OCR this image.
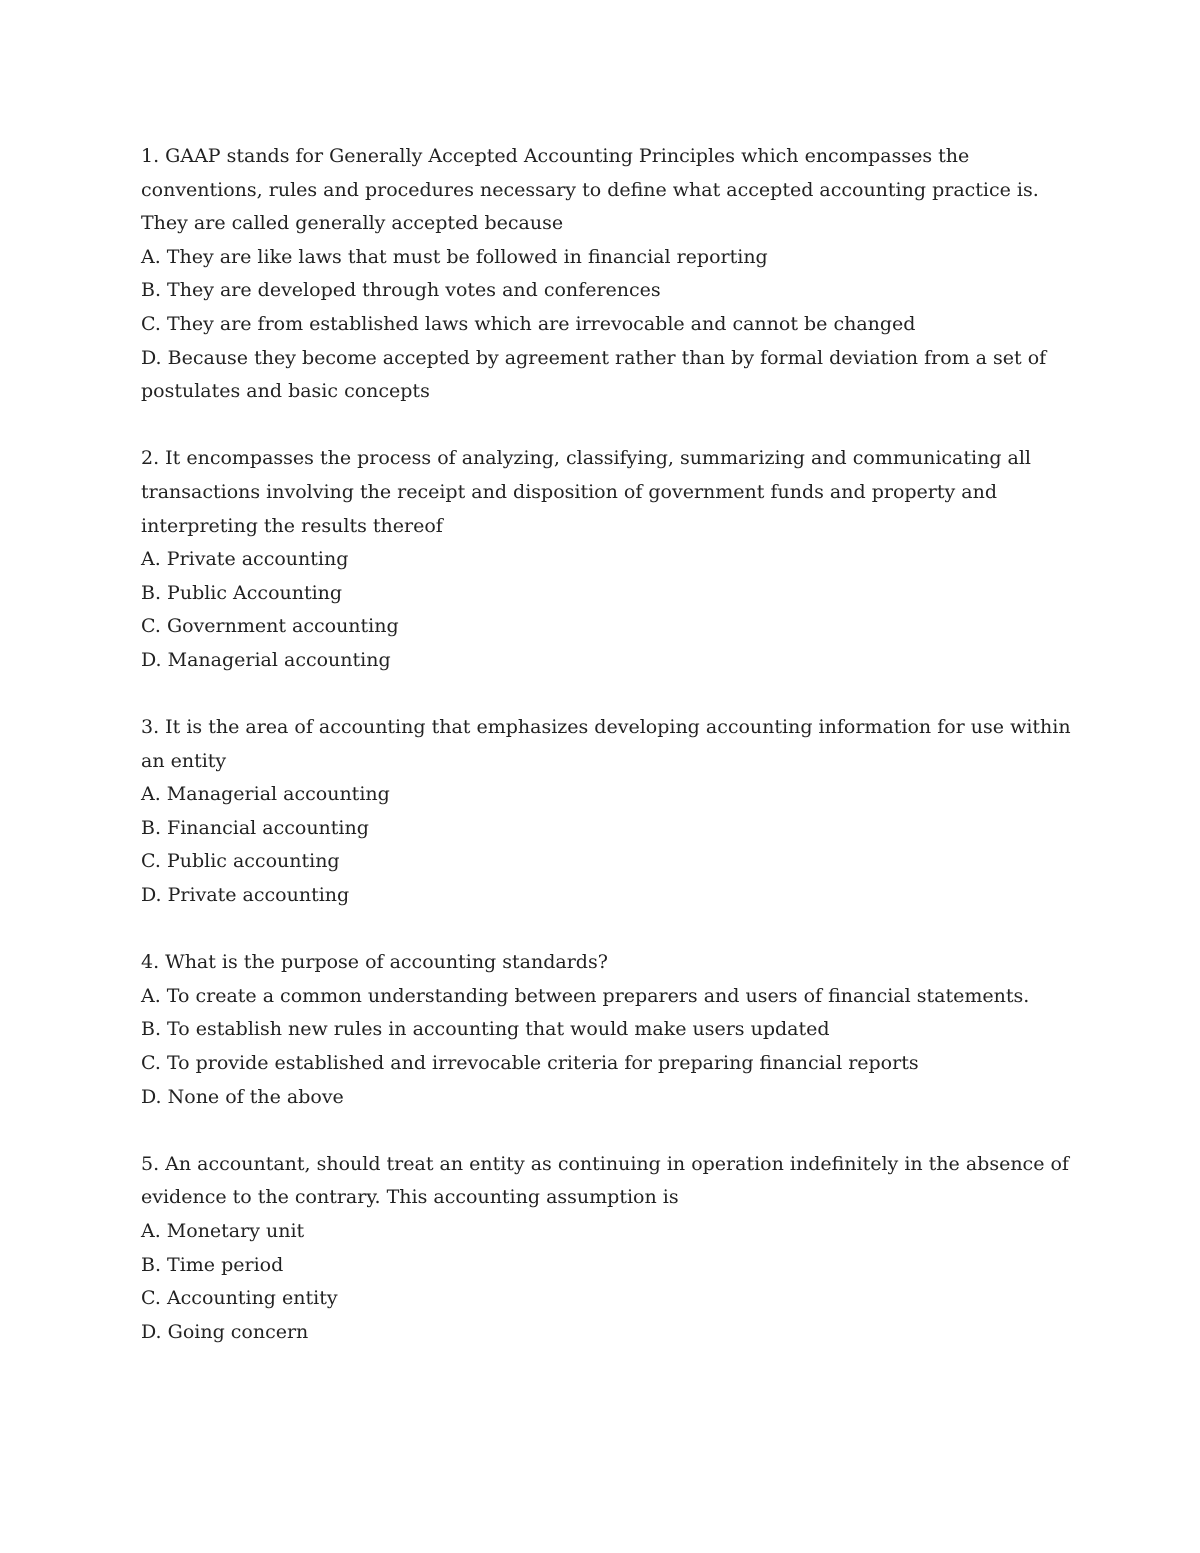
1. GAAP stands for Generally Accepted Accounting Principles which encompasses the
conventions, rules and procedures necessary to define what accepted accounting practice is.
They are called generally accepted because
A. They are like laws that must be followed in financial reporting
B. They are developed through votes and conferences
C. They are from established laws which are irrevocable and cannot be changed
D. Because they become accepted by agreement rather than by formal deviation from a set of
postulates and basic concepts
2. It encompasses the process of analyzing, classifying, summarizing and communicating all
transactions involving the receipt and disposition of government funds and property and
interpreting the results thereof
A. Private accounting
B. Public Accounting
C. Government accounting
D. Managerial accounting
3. It is the area of accounting that emphasizes developing accounting information for use within
an entity
A. Managerial accounting
B. Financial accounting
C. Public accounting
D. Private accounting
4. What is the purpose of accounting standards?
A. To create a common understanding between preparers and users of financial statements.
B. To establish new rules in accounting that would make users updated
C. To provide established and irrevocable criteria for preparing financial reports
D. None of the above
5. An accountant, should treat an entity as continuing in operation indefinitely in the absence of
evidence to the contrary. This accounting assumption is
A. Monetary unit
B. Time period
C. Accounting entity
D. Going concern
